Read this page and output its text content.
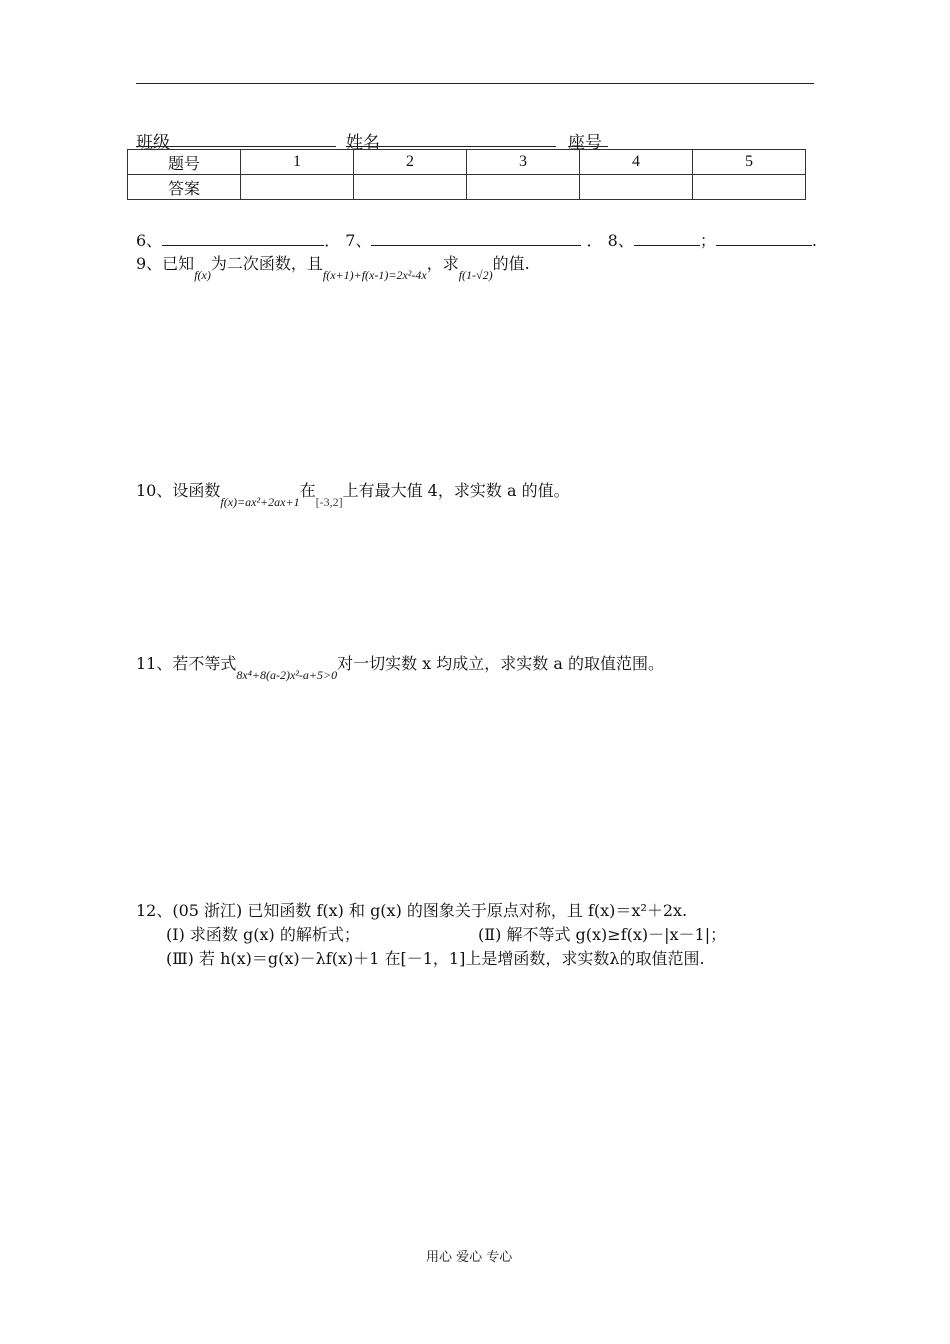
班级	姓名	座号
题号	1	2	3	4	5
答案					
6、	． 7、	． 8、	；	.
9、已知$_{f(x)}$为二次函数，且$_{f(x+1)+f(x-1)=2x^2-4x}$，求$_{f(1-√2)}$的值.
10、设函数$_{f(x)=ax^2+2ax+1}$在$_{[-3,2]}$上有最大值 4，求实数 a 的值。
11、若不等式$_{8x^4+8(a-2)x^2-a+5>0}$对一切实数 x 均成立，求实数 a 的取值范围。
12、(05 浙江) 已知函数 f(x) 和 g(x) 的图象关于原点对称，且 f(x)＝x²＋2x.
(Ⅰ) 求函数 g(x) 的解析式；	(Ⅱ) 解不等式 g(x)≥f(x)－|x－1|；
(Ⅲ) 若 h(x)＝g(x)－λf(x)＋1 在[－1，1]上是增函数，求实数λ的取值范围.
用心 爱心 专心
